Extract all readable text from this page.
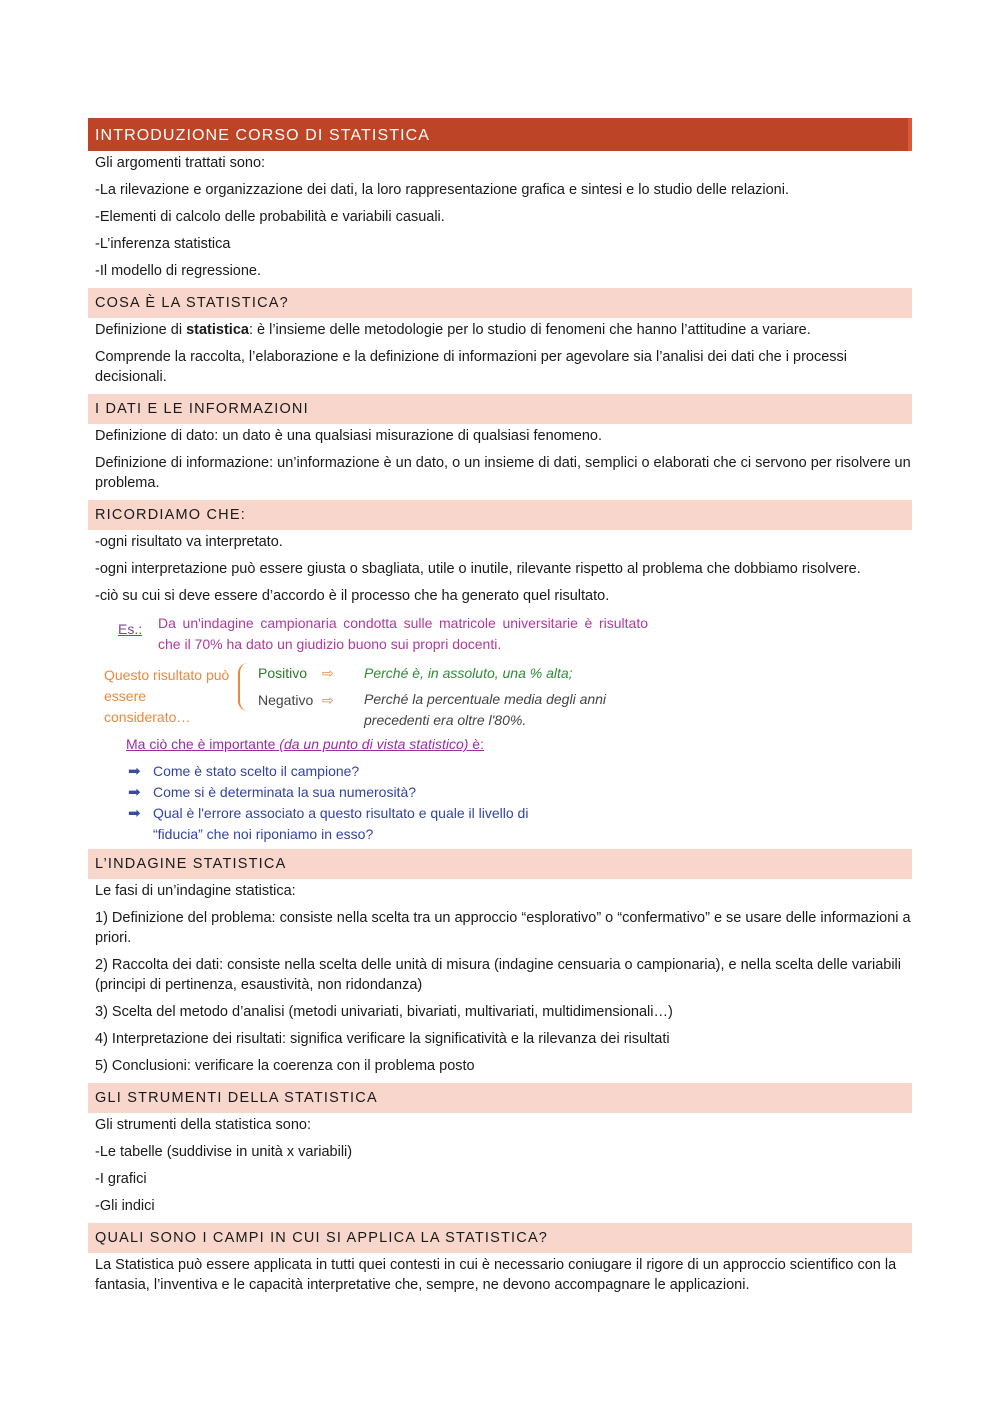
INTRODUZIONE CORSO DI STATISTICA
Gli argomenti trattati sono:
-La rilevazione e organizzazione dei dati, la loro rappresentazione grafica e sintesi e lo studio delle relazioni.
-Elementi di calcolo delle probabilità e variabili casuali.
-L’inferenza statistica
-Il modello di regressione.
COSA È LA STATISTICA?
Definizione di statistica: è l’insieme delle metodologie per lo studio di fenomeni che hanno l’attitudine a variare.
Comprende la raccolta, l’elaborazione e la definizione di informazioni per agevolare sia l’analisi dei dati che i processi decisionali.
I DATI E LE INFORMAZIONI
Definizione di dato: un dato è una qualsiasi misurazione di qualsiasi fenomeno.
Definizione di informazione: un’informazione è un dato, o un insieme di dati, semplici o elaborati che ci servono per risolvere un problema.
RICORDIAMO CHE:
-ogni risultato va interpretato.
-ogni interpretazione può essere giusta o sbagliata, utile o inutile, rilevante rispetto al problema che dobbiamo risolvere.
-ciò su cui si deve essere d’accordo è il processo che ha generato quel risultato.
Es.: Da un'indagine campionaria condotta sulle matricole universitarie è risultato che il 70% ha dato un giudizio buono sui propri docenti.
Questo risultato può essere considerato…
Positivo ⇨
Negativo ⇨
Perché è, in assoluto, una % alta;
Perché la percentuale media degli anni precedenti era oltre l'80%.
Ma ciò che è importante (da un punto di vista statistico) è:
➡ Come è stato scelto il campione?
➡ Come si è determinata la sua numerosità?
➡ Qual è l'errore associato a questo risultato e quale il livello di “fiducia” che noi riponiamo in esso?
L’INDAGINE STATISTICA
Le fasi di un’indagine statistica:
1) Definizione del problema: consiste nella scelta tra un approccio “esplorativo” o “confermativo” e se usare delle informazioni a priori.
2) Raccolta dei dati: consiste nella scelta delle unità di misura (indagine censuaria o campionaria), e nella scelta delle variabili (principi di pertinenza, esaustività, non ridondanza)
3) Scelta del metodo d’analisi (metodi univariati, bivariati, multivariati, multidimensionali…)
4) Interpretazione dei risultati: significa verificare la significatività e la rilevanza dei risultati
5) Conclusioni: verificare la coerenza con il problema posto
GLI STRUMENTI DELLA STATISTICA
Gli strumenti della statistica sono:
-Le tabelle (suddivise in unità x variabili)
-I grafici
-Gli indici
QUALI SONO I CAMPI IN CUI SI APPLICA LA STATISTICA?
La Statistica può essere applicata in tutti quei contesti in cui è necessario coniugare il rigore di un approccio scientifico con la fantasia, l’inventiva e le capacità interpretative che, sempre, ne devono accompagnare le applicazioni.
